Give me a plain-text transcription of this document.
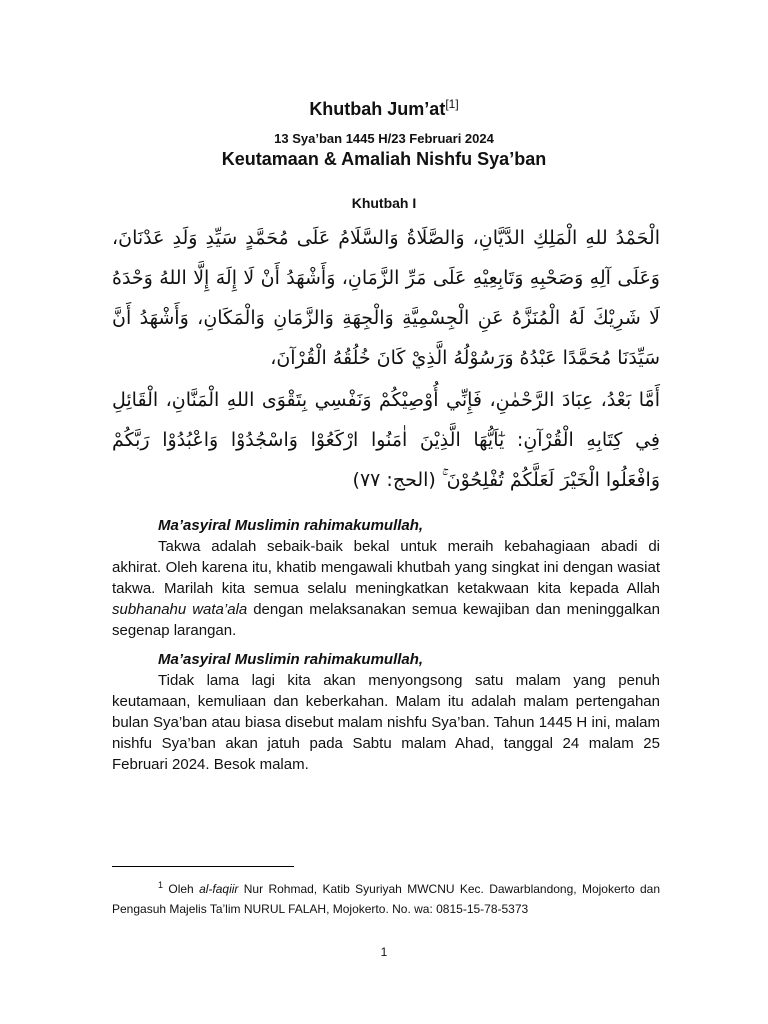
Khutbah Jum’at[1]
13 Sya’ban 1445 H/23 Februari 2024
Keutamaan & Amaliah Nishfu Sya’ban
Khutbah I
الْحَمْدُ للهِ الْمَلِكِ الدَّيَّانِ، وَالصَّلَاةُ وَالسَّلَامُ عَلَى مُحَمَّدٍ سَيِّدِ وَلَدِ عَدْنَانَ، وَعَلَى آلِهِ وَصَحْبِهِ وَتَابِعِيْهِ عَلَى مَرِّ الزَّمَانِ، وَأَشْهَدُ أَنْ لَا إِلَهَ إِلَّا اللهُ وَحْدَهُ لَا شَرِيْكَ لَهُ الْمُنَزَّهُ عَنِ الْجِسْمِيَّةِ وَالْجِهَةِ وَالزَّمَانِ وَالْمَكَانِ، وَأَشْهَدُ أَنَّ سَيِّدَنَا مُحَمَّدًا عَبْدُهُ وَرَسُوْلُهُ الَّذِيْ كَانَ خُلُقُهُ الْقُرْآنَ،
أَمَّا بَعْدُ، عِبَادَ الرَّحْمٰنِ، فَإِنِّي أُوْصِيْكُمْ وَنَفْسِي بِتَقْوَى اللهِ الْمَنَّانِ، الْقَائِلِ فِي كِتَابِهِ الْقُرْآنِ: يٰٓاَيُّهَا الَّذِيْنَ اٰمَنُوا ارْكَعُوْا وَاسْجُدُوْا وَاعْبُدُوْا رَبَّكُمْ وَافْعَلُوا الْخَيْرَ لَعَلَّكُمْ تُفْلِحُوْنَ ۚ (الحج: ٧٧)

Ma’asyiral Muslimin rahimakumullah,

Takwa adalah sebaik-baik bekal untuk meraih kebahagiaan abadi di akhirat. Oleh karena itu, khatib mengawali khutbah yang singkat ini dengan wasiat takwa. Marilah kita semua selalu meningkatkan ketakwaan kita kepada Allah subhanahu wata’ala dengan melaksanakan semua kewajiban dan meninggalkan segenap larangan.

Ma’asyiral Muslimin rahimakumullah,

Tidak lama lagi kita akan menyongsong satu malam yang penuh keutamaan, kemuliaan dan keberkahan. Malam itu adalah malam pertengahan bulan Sya’ban atau biasa disebut malam nishfu Sya’ban. Tahun 1445 H ini, malam nishfu Sya’ban akan jatuh pada Sabtu malam Ahad, tanggal 24 malam 25 Februari 2024. Besok malam.

$^1$ Oleh al-faqiir Nur Rohmad, Katib Syuriyah MWCNU Kec. Dawarblandong, Mojokerto dan Pengasuh Majelis Ta’lim NURUL FALAH, Mojokerto. No. wa: 0815-15-78-5373
1
